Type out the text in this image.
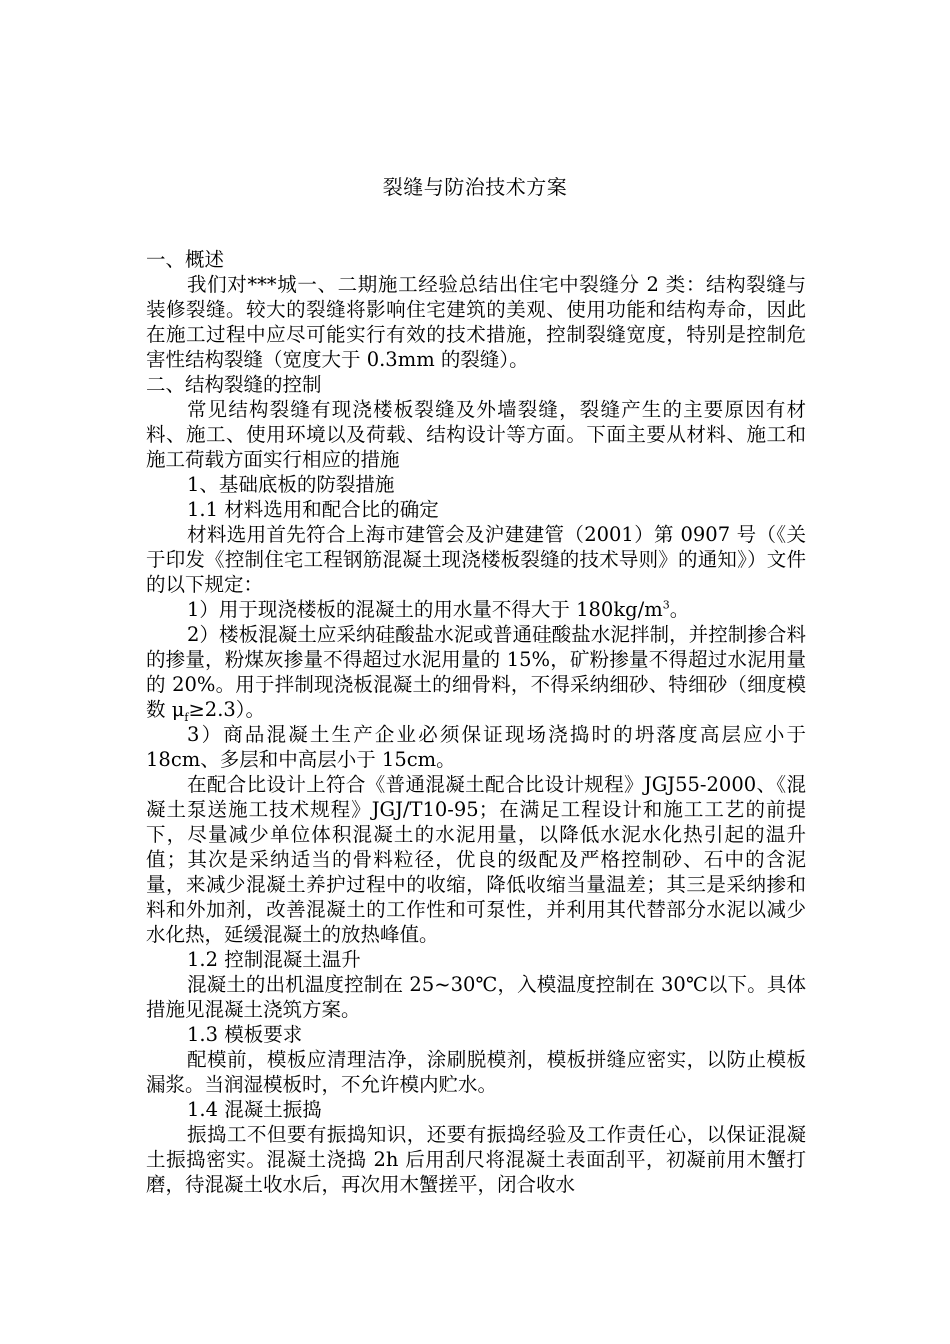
裂缝与防治技术方案

一、概述

我们对***城一、二期施工经验总结出住宅中裂缝分 2 类：结构裂缝与装修裂缝。较大的裂缝将影响住宅建筑的美观、使用功能和结构寿命，因此在施工过程中应尽可能实行有效的技术措施，控制裂缝宽度，特别是控制危害性结构裂缝（宽度大于 0.3mm 的裂缝）。

二、结构裂缝的控制

常见结构裂缝有现浇楼板裂缝及外墙裂缝，裂缝产生的主要原因有材料、施工、使用环境以及荷载、结构设计等方面。下面主要从材料、施工和施工荷载方面实行相应的措施

1、基础底板的防裂措施

1.1 材料选用和配合比的确定

材料选用首先符合上海市建管会及沪建建管（2001）第 0907 号（《关于印发《控制住宅工程钢筋混凝土现浇楼板裂缝的技术导则》的通知》）文件的以下规定：

1）用于现浇楼板的混凝土的用水量不得大于 $180kg/m^3$。

2）楼板混凝土应采纳硅酸盐水泥或普通硅酸盐水泥拌制，并控制掺合料的掺量，粉煤灰掺量不得超过水泥用量的 15%，矿粉掺量不得超过水泥用量的 20%。用于拌制现浇板混凝土的细骨料，不得采纳细砂、特细砂（细度模数 $\mu_f\ge 2.3$）。

3）商品混凝土生产企业必须保证现场浇捣时的坍落度高层应小于 18cm、多层和中高层小于 15cm。

在配合比设计上符合《普通混凝土配合比设计规程》JGJ55-2000、《混凝土泵送施工技术规程》JGJ/T10-95；在满足工程设计和施工工艺的前提下，尽量减少单位体积混凝土的水泥用量，以降低水泥水化热引起的温升值；其次是采纳适当的骨料粒径，优良的级配及严格控制砂、石中的含泥量，来减少混凝土养护过程中的收缩，降低收缩当量温差；其三是采纳掺和料和外加剂，改善混凝土的工作性和可泵性，并利用其代替部分水泥以减少水化热，延缓混凝土的放热峰值。

1.2 控制混凝土温升

混凝土的出机温度控制在 25~30℃，入模温度控制在 30℃以下。具体措施见混凝土浇筑方案。

1.3 模板要求

配模前，模板应清理洁净，涂刷脱模剂，模板拼缝应密实，以防止模板漏浆。当润湿模板时，不允许模内贮水。

1.4 混凝土振捣

振捣工不但要有振捣知识，还要有振捣经验及工作责任心，以保证混凝土振捣密实。混凝土浇捣 2h 后用刮尺将混凝土表面刮平，初凝前用木蟹打磨，待混凝土收水后，再次用木蟹搓平，闭合收水
